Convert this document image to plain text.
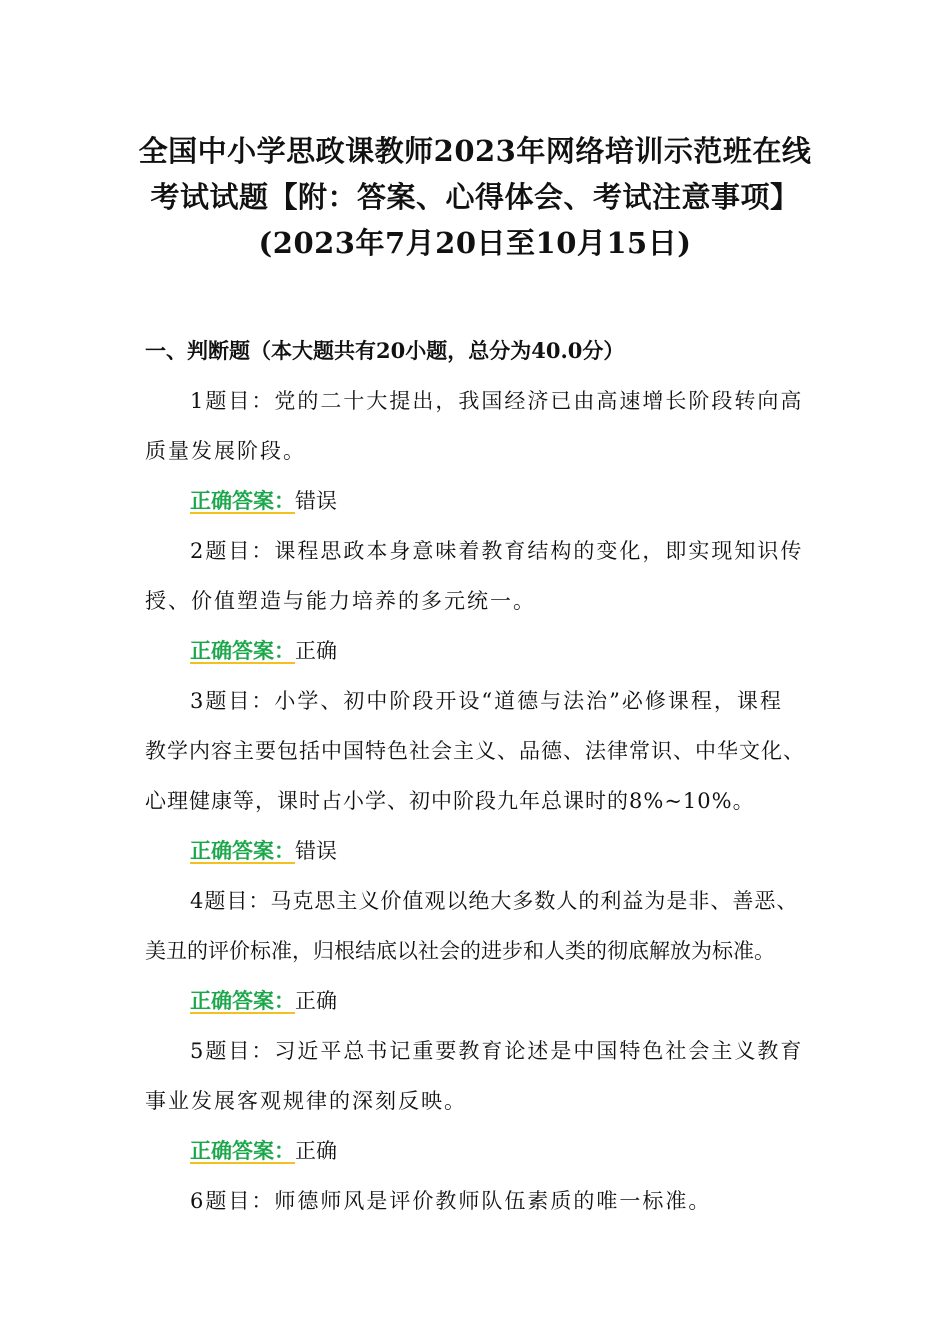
全国中小学思政课教师2023年网络培训示范班在线
考试试题【附：答案、心得体会、考试注意事项】
(2023年7月20日至10月15日)
一、判断题（本大题共有20小题，总分为40.0分）
1题目：党的二十大提出，我国经济已由高速增长阶段转向高
质量发展阶段。
正确答案：错误
2题目：课程思政本身意味着教育结构的变化，即实现知识传
授、价值塑造与能力培养的多元统一。
正确答案：正确
3题目：小学、初中阶段开设“道德与法治”必修课程，课程
教学内容主要包括中国特色社会主义、品德、法律常识、中华文化、
心理健康等，课时占小学、初中阶段九年总课时的8%~10%。
正确答案：错误
4题目：马克思主义价值观以绝大多数人的利益为是非、善恶、
美丑的评价标准，归根结底以社会的进步和人类的彻底解放为标准。
正确答案：正确
5题目：习近平总书记重要教育论述是中国特色社会主义教育
事业发展客观规律的深刻反映。
正确答案：正确
6题目：师德师风是评价教师队伍素质的唯一标准。
